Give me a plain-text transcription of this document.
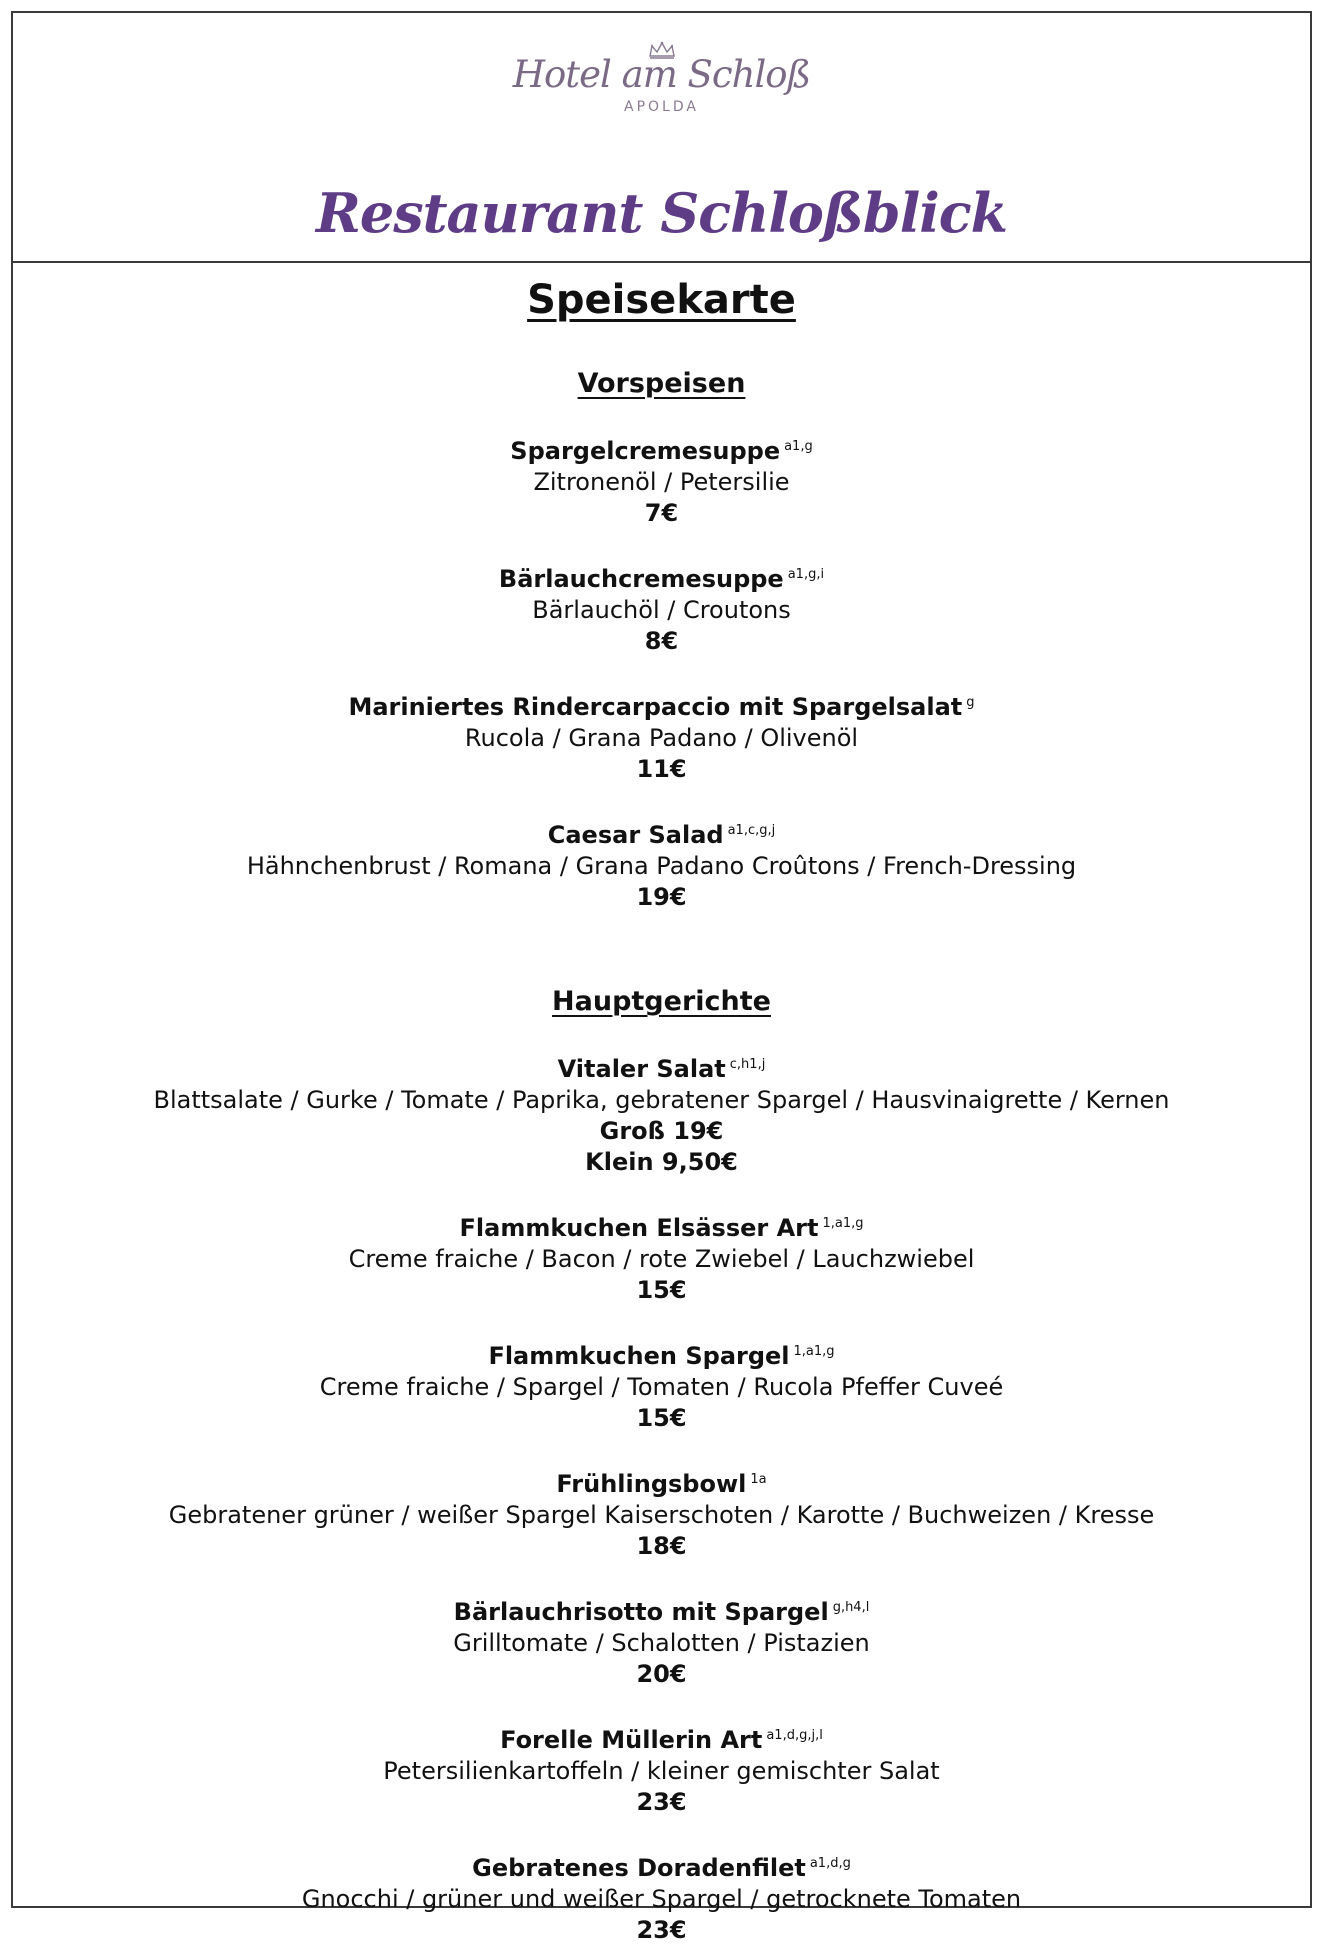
Hotel am Schloß
APOLDA
Restaurant Schloßblick
Speisekarte
Vorspeisen
Spargelcremesuppe $^{a1,g}$
Zitronenöl / Petersilie
7€
Bärlauchcremesuppe $^{a1,g,i}$
Bärlauchöl / Croutons
8€
Mariniertes Rindercarpaccio mit Spargelsalat $^g$
Rucola / Grana Padano / Olivenöl
11€
Caesar Salad $^{a1,c,g,j}$
Hähnchenbrust / Romana / Grana Padano Croûtons / French-Dressing
19€
Hauptgerichte
Vitaler Salat $^{c,h1,j}$
Blattsalate / Gurke / Tomate / Paprika, gebratener Spargel / Hausvinaigrette / Kernen
Groß 19€
Klein 9,50€
Flammkuchen Elsässer Art $^{1,a1,g}$
Creme fraiche / Bacon / rote Zwiebel / Lauchzwiebel
15€
Flammkuchen Spargel $^{1,a1,g}$
Creme fraiche / Spargel / Tomaten / Rucola Pfeffer Cuveé
15€
Frühlingsbowl $^{1a}$
Gebratener grüner / weißer Spargel Kaiserschoten / Karotte / Buchweizen / Kresse
18€
Bärlauchrisotto mit Spargel $^{g,h4,l}$
Grilltomate / Schalotten / Pistazien
20€
Forelle Müllerin Art $^{a1,d,g,j,l}$
Petersilienkartoffeln / kleiner gemischter Salat
23€
Gebratenes Doradenfilet $^{a1,d,g}$
Gnocchi / grüner und weißer Spargel / getrocknete Tomaten
23€
